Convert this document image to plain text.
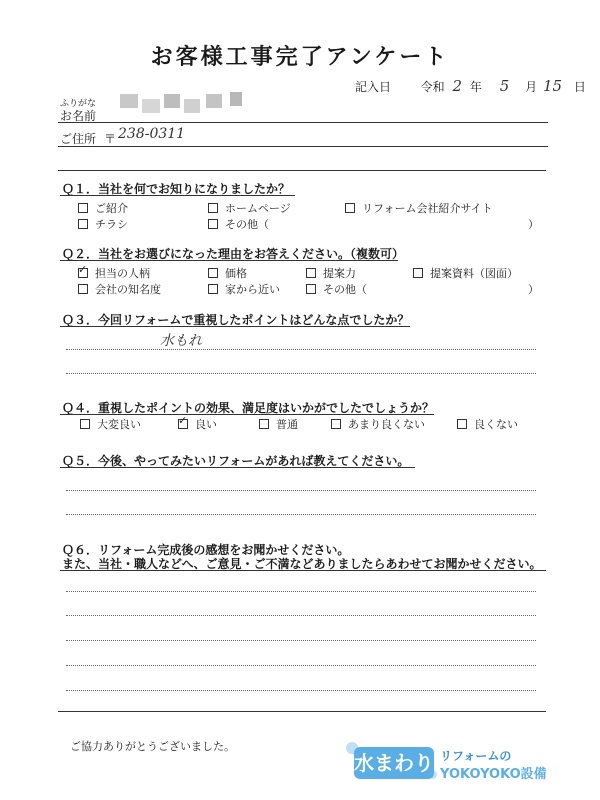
お客様工事完了アンケート
記入日 令和 2 年 5 月 15 日
ふりがな
お名前
ご住所 〒 238-0311
Ｑ１．当社を何でお知りになりましたか？
ご紹介	ホームページ	リフォーム会社紹介サイト
チラシ	その他（	）
Ｑ２．当社をお選びになった理由をお答えください。（複数可）
✓担当の人柄	価格	提案力	提案資料（図面）
会社の知名度	家から近い	その他（	）
Ｑ３．今回リフォームで重視したポイントはどんな点でしたか？
水もれ
Ｑ４．重視したポイントの効果、満足度はいかがでしたでしょうか？
大変良い
✓	良い	普通	あまり良くない	良くない
Ｑ５．今後、やってみたいリフォームがあれば教えてください。
Ｑ６．リフォーム完成後の感想をお聞かせください。
また、当社・職人などへ、ご意見・ご不満などありましたらあわせてお聞かせください。
ご協力ありがとうございました。
水まわり リフォームの
YOKOYOKO設備
